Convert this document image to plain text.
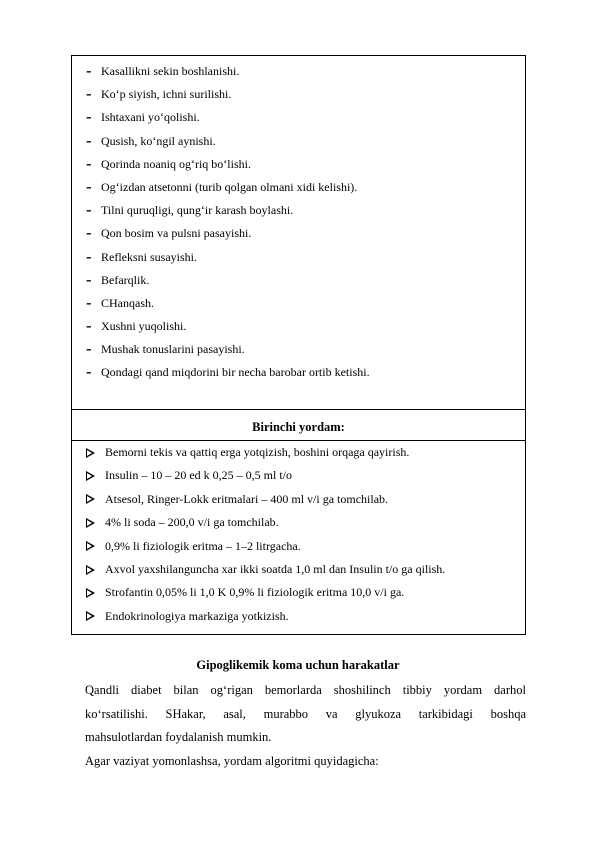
– Kasallikni sekin boshlanishi.
– Ko‘p siyish, ichni surilishi.
– Ishtaxani yo‘qolishi.
– Qusish, ko‘ngil aynishi.
– Qorinda noaniq og‘riq bo‘lishi.
– Og‘izdan atsetonni (turib qolgan olmani xidi kelishi).
– Tilni quruqligi, qung‘ir karash boylashi.
– Qon bosim va pulsni pasayishi.
– Refleksni susayishi.
– Befarqlik.
– CHanqash.
– Xushni yuqolishi.
– Mushak tonuslarini pasayishi.
– Qondagi qand miqdorini bir necha barobar ortib ketishi.
Birinchi yordam:
Bemorni tekis va qattiq erga yotqizish, boshini orqaga qayirish.
Insulin – 10 – 20 ed k 0,25 – 0,5 ml t/o
Atsesol, Ringer-Lokk eritmalari – 400 ml v/i ga tomchilab.
4% li soda – 200,0 v/i ga tomchilab.
0,9% li fiziologik eritma – 1–2 litrgacha.
Axvol yaxshilanguncha xar ikki soatda 1,0 ml dan Insulin t/o ga qilish.
Strofantin 0,05% li 1,0 K 0,9% li fiziologik eritma 10,0 v/i ga.
Endokrinologiya markaziga yotkizish.
Gipoglikemik koma uchun harakatlar
Qandli diabet bilan og‘rigan bemorlarda shoshilinch tibbiy yordam darhol
ko‘rsatilishi. SHakar, asal, murabbo va glyukoza tarkibidagi boshqa
mahsulotlardan foydalanish mumkin.
Agar vaziyat yomonlashsa, yordam algoritmi quyidagicha:
